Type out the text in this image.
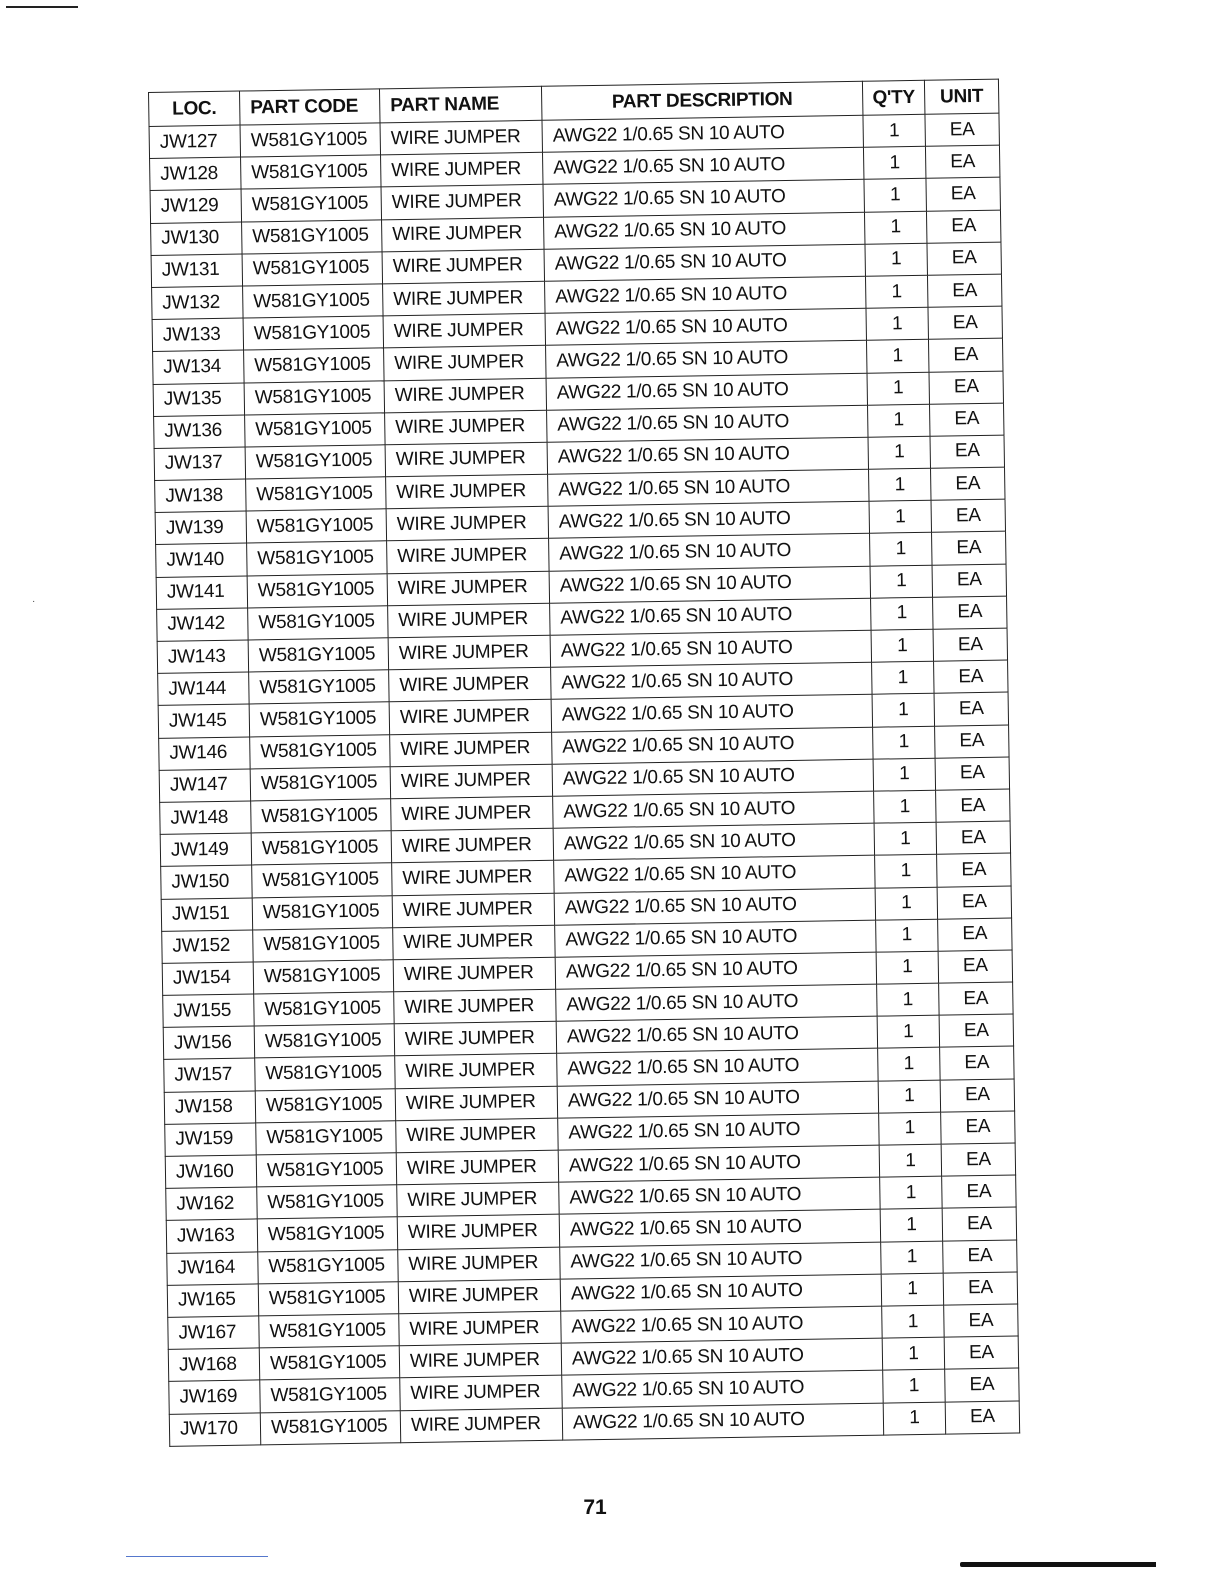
·
LOC.	PART CODE	PART NAME	PART DESCRIPTION	Q'TY	UNIT
JW127	W581GY1005	WIRE JUMPER	AWG22 1/0.65 SN 10 AUTO	1	EA
JW128	W581GY1005	WIRE JUMPER	AWG22 1/0.65 SN 10 AUTO	1	EA
JW129	W581GY1005	WIRE JUMPER	AWG22 1/0.65 SN 10 AUTO	1	EA
JW130	W581GY1005	WIRE JUMPER	AWG22 1/0.65 SN 10 AUTO	1	EA
JW131	W581GY1005	WIRE JUMPER	AWG22 1/0.65 SN 10 AUTO	1	EA
JW132	W581GY1005	WIRE JUMPER	AWG22 1/0.65 SN 10 AUTO	1	EA
JW133	W581GY1005	WIRE JUMPER	AWG22 1/0.65 SN 10 AUTO	1	EA
JW134	W581GY1005	WIRE JUMPER	AWG22 1/0.65 SN 10 AUTO	1	EA
JW135	W581GY1005	WIRE JUMPER	AWG22 1/0.65 SN 10 AUTO	1	EA
JW136	W581GY1005	WIRE JUMPER	AWG22 1/0.65 SN 10 AUTO	1	EA
JW137	W581GY1005	WIRE JUMPER	AWG22 1/0.65 SN 10 AUTO	1	EA
JW138	W581GY1005	WIRE JUMPER	AWG22 1/0.65 SN 10 AUTO	1	EA
JW139	W581GY1005	WIRE JUMPER	AWG22 1/0.65 SN 10 AUTO	1	EA
JW140	W581GY1005	WIRE JUMPER	AWG22 1/0.65 SN 10 AUTO	1	EA
JW141	W581GY1005	WIRE JUMPER	AWG22 1/0.65 SN 10 AUTO	1	EA
JW142	W581GY1005	WIRE JUMPER	AWG22 1/0.65 SN 10 AUTO	1	EA
JW143	W581GY1005	WIRE JUMPER	AWG22 1/0.65 SN 10 AUTO	1	EA
JW144	W581GY1005	WIRE JUMPER	AWG22 1/0.65 SN 10 AUTO	1	EA
JW145	W581GY1005	WIRE JUMPER	AWG22 1/0.65 SN 10 AUTO	1	EA
JW146	W581GY1005	WIRE JUMPER	AWG22 1/0.65 SN 10 AUTO	1	EA
JW147	W581GY1005	WIRE JUMPER	AWG22 1/0.65 SN 10 AUTO	1	EA
JW148	W581GY1005	WIRE JUMPER	AWG22 1/0.65 SN 10 AUTO	1	EA
JW149	W581GY1005	WIRE JUMPER	AWG22 1/0.65 SN 10 AUTO	1	EA
JW150	W581GY1005	WIRE JUMPER	AWG22 1/0.65 SN 10 AUTO	1	EA
JW151	W581GY1005	WIRE JUMPER	AWG22 1/0.65 SN 10 AUTO	1	EA
JW152	W581GY1005	WIRE JUMPER	AWG22 1/0.65 SN 10 AUTO	1	EA
JW154	W581GY1005	WIRE JUMPER	AWG22 1/0.65 SN 10 AUTO	1	EA
JW155	W581GY1005	WIRE JUMPER	AWG22 1/0.65 SN 10 AUTO	1	EA
JW156	W581GY1005	WIRE JUMPER	AWG22 1/0.65 SN 10 AUTO	1	EA
JW157	W581GY1005	WIRE JUMPER	AWG22 1/0.65 SN 10 AUTO	1	EA
JW158	W581GY1005	WIRE JUMPER	AWG22 1/0.65 SN 10 AUTO	1	EA
JW159	W581GY1005	WIRE JUMPER	AWG22 1/0.65 SN 10 AUTO	1	EA
JW160	W581GY1005	WIRE JUMPER	AWG22 1/0.65 SN 10 AUTO	1	EA
JW162	W581GY1005	WIRE JUMPER	AWG22 1/0.65 SN 10 AUTO	1	EA
JW163	W581GY1005	WIRE JUMPER	AWG22 1/0.65 SN 10 AUTO	1	EA
JW164	W581GY1005	WIRE JUMPER	AWG22 1/0.65 SN 10 AUTO	1	EA
JW165	W581GY1005	WIRE JUMPER	AWG22 1/0.65 SN 10 AUTO	1	EA
JW167	W581GY1005	WIRE JUMPER	AWG22 1/0.65 SN 10 AUTO	1	EA
JW168	W581GY1005	WIRE JUMPER	AWG22 1/0.65 SN 10 AUTO	1	EA
JW169	W581GY1005	WIRE JUMPER	AWG22 1/0.65 SN 10 AUTO	1	EA
JW170	W581GY1005	WIRE JUMPER	AWG22 1/0.65 SN 10 AUTO	1	EA
71
